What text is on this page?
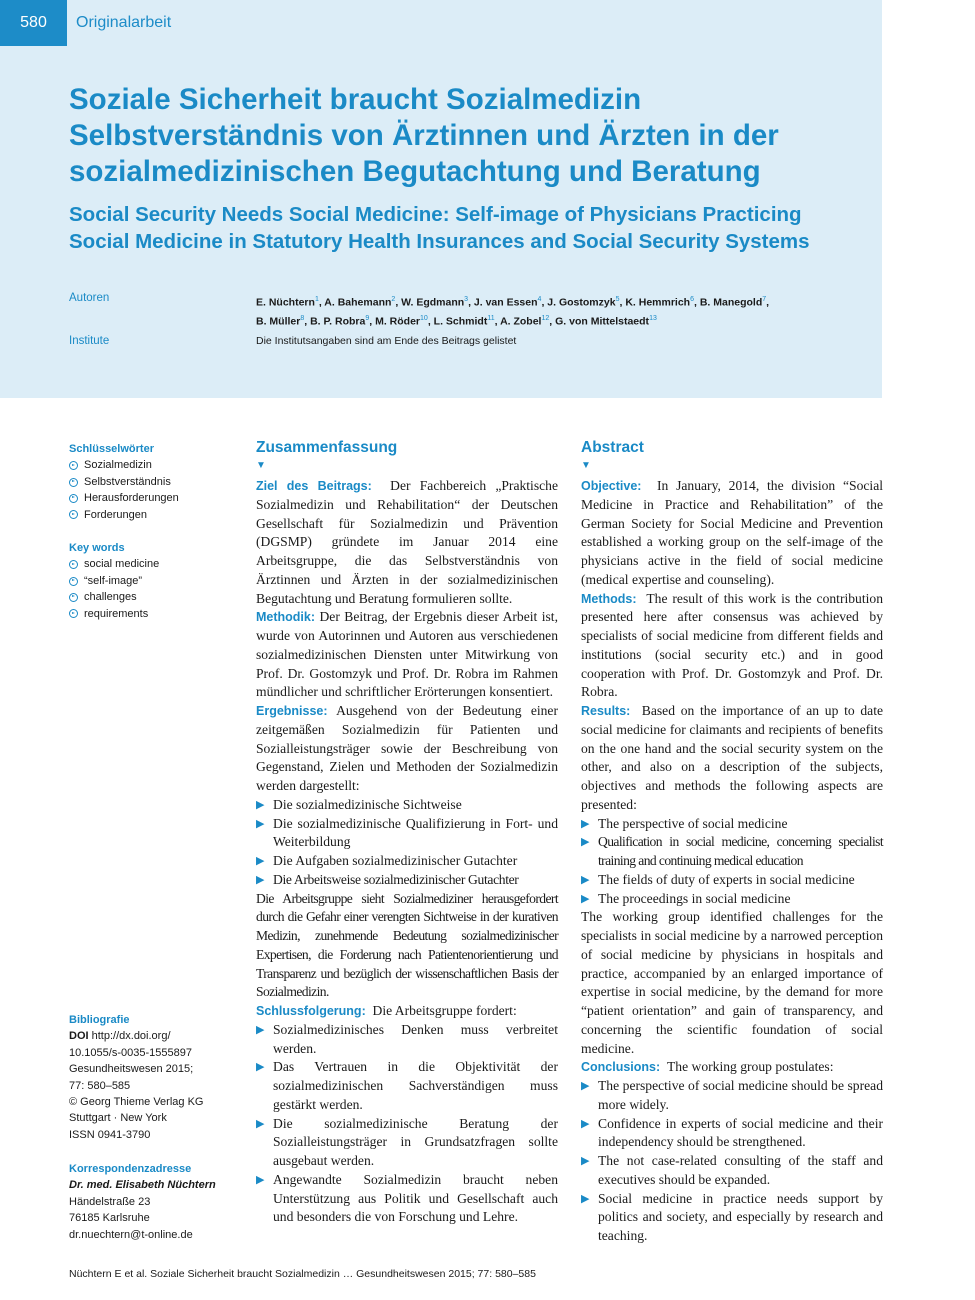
580	Originalarbeit
Soziale Sicherheit braucht Sozialmedizin
Selbstverständnis von Ärztinnen und Ärzten in der
sozialmedizinischen Begutachtung und Beratung
Social Security Needs Social Medicine: Self-image of Physicians Practicing
Social Medicine in Statutory Health Insurances and Social Security Systems
Autoren	E. Nüchtern$^1$, A. Bahemann$^2$, W. Egdmann$^3$, J. van Essen$^4$, J. Gostomzyk$^5$, K. Hemmrich$^6$, B. Manegold$^7$,
B. Müller$^8$, B. P. Robra$^9$, M. Röder$^{10}$, L. Schmidt$^{11}$, A. Zobel$^{12}$, G. von Mittelstaedt$^{13}$
Institute	Die Institutsangaben sind am Ende des Beitrags gelistet
Schlüsselwörter
Sozialmedizin
Selbstverständnis
Herausforderungen
Forderungen
Key words
social medicine
“self-image”
challenges
requirements
Bibliografie
DOI http://dx.doi.org/
10.1055/s-0035-1555897
Gesundheitswesen 2015;
77: 580–585
© Georg Thieme Verlag KG
Stuttgart · New York
ISSN 0941-3790
Korrespondenzadresse
Dr. med. Elisabeth Nüchtern
Händelstraße 23
76185 Karlsruhe
dr.nuechtern@t-online.de
Zusammenfassung
▼
Ziel des Beitrags: Der Fachbereich „Praktische Sozialmedizin und Rehabilitation“ der Deutschen Gesellschaft für Sozialmedizin und Prävention (DGSMP) gründete im Januar 2014 eine Arbeitsgruppe, die das Selbstverständnis von Ärztinnen und Ärzten in der sozialmedizinischen Begutachtung und Beratung formulieren sollte.
Methodik: Der Beitrag, der Ergebnis dieser Arbeit ist, wurde von Autorinnen und Autoren aus verschiedenen sozialmedizinischen Diensten unter Mitwirkung von Prof. Dr. Gostomzyk und Prof. Dr. Robra im Rahmen mündlicher und schriftlicher Erörterungen konsentiert.
Ergebnisse: Ausgehend von der Bedeutung einer zeitgemäßen Sozialmedizin für Patienten und Sozialleistungsträger sowie der Beschreibung von Gegenstand, Zielen und Methoden der Sozialmedizin werden dargestellt:
▶ Die sozialmedizinische Sichtweise
▶ Die sozialmedizinische Qualifizierung in Fort- und Weiterbildung
▶ Die Aufgaben sozialmedizinischer Gutachter
▶ Die Arbeitsweise sozialmedizinischer Gutachter
Die Arbeitsgruppe sieht Sozialmediziner herausgefordert durch die Gefahr einer verengten Sichtweise in der kurativen Medizin, zunehmende Bedeutung sozialmedizinischer Expertisen, die Forderung nach Patientenorientierung und Transparenz und bezüglich der wissenschaftlichen Basis der Sozialmedizin.
Schlussfolgerung: Die Arbeitsgruppe fordert:
▶ Sozialmedizinisches Denken muss verbreitet werden.
▶ Das Vertrauen in die Objektivität der sozialmedizinischen Sachverständigen muss gestärkt werden.
▶ Die sozialmedizinische Beratung der Sozialleistungsträger in Grundsatzfragen sollte ausgebaut werden.
▶ Angewandte Sozialmedizin braucht neben Unterstützung aus Politik und Gesellschaft auch und besonders die von Forschung und Lehre.
Abstract
▼
Objective: In January, 2014, the division “Social Medicine in Practice and Rehabilitation” of the German Society for Social Medicine and Prevention established a working group on the self-image of the physicians active in the field of social medicine (medical expertise and counseling).
Methods: The result of this work is the contribution presented here after consensus was achieved by specialists of social medicine from different fields and institutions (social security etc.) and in good cooperation with Prof. Dr. Gostomzyk and Prof. Dr. Robra.
Results: Based on the importance of an up to date social medicine for claimants and recipients of benefits on the one hand and the social security system on the other, and also on a description of the subjects, objectives and methods the following aspects are presented:
▶ The perspective of social medicine
▶ Qualification in social medicine, concerning specialist training and continuing medical education
▶ The fields of duty of experts in social medicine
▶ The proceedings in social medicine
The working group identified challenges for the specialists in social medicine by a narrowed perception of social medicine by physicians in hospitals and practice, accompanied by an enlarged importance of expertise in social medicine, by the demand for more “patient orientation” and gain of transparency, and concerning the scientific foundation of social medicine.
Conclusions: The working group postulates:
▶ The perspective of social medicine should be spread more widely.
▶ Confidence in experts of social medicine and their independency should be strengthened.
▶ The not case-related consulting of the staff and executives should be expanded.
▶ Social medicine in practice needs support by politics and society, and especially by research and teaching.
Nüchtern E et al. Soziale Sicherheit braucht Sozialmedizin … Gesundheitswesen 2015; 77: 580–585
